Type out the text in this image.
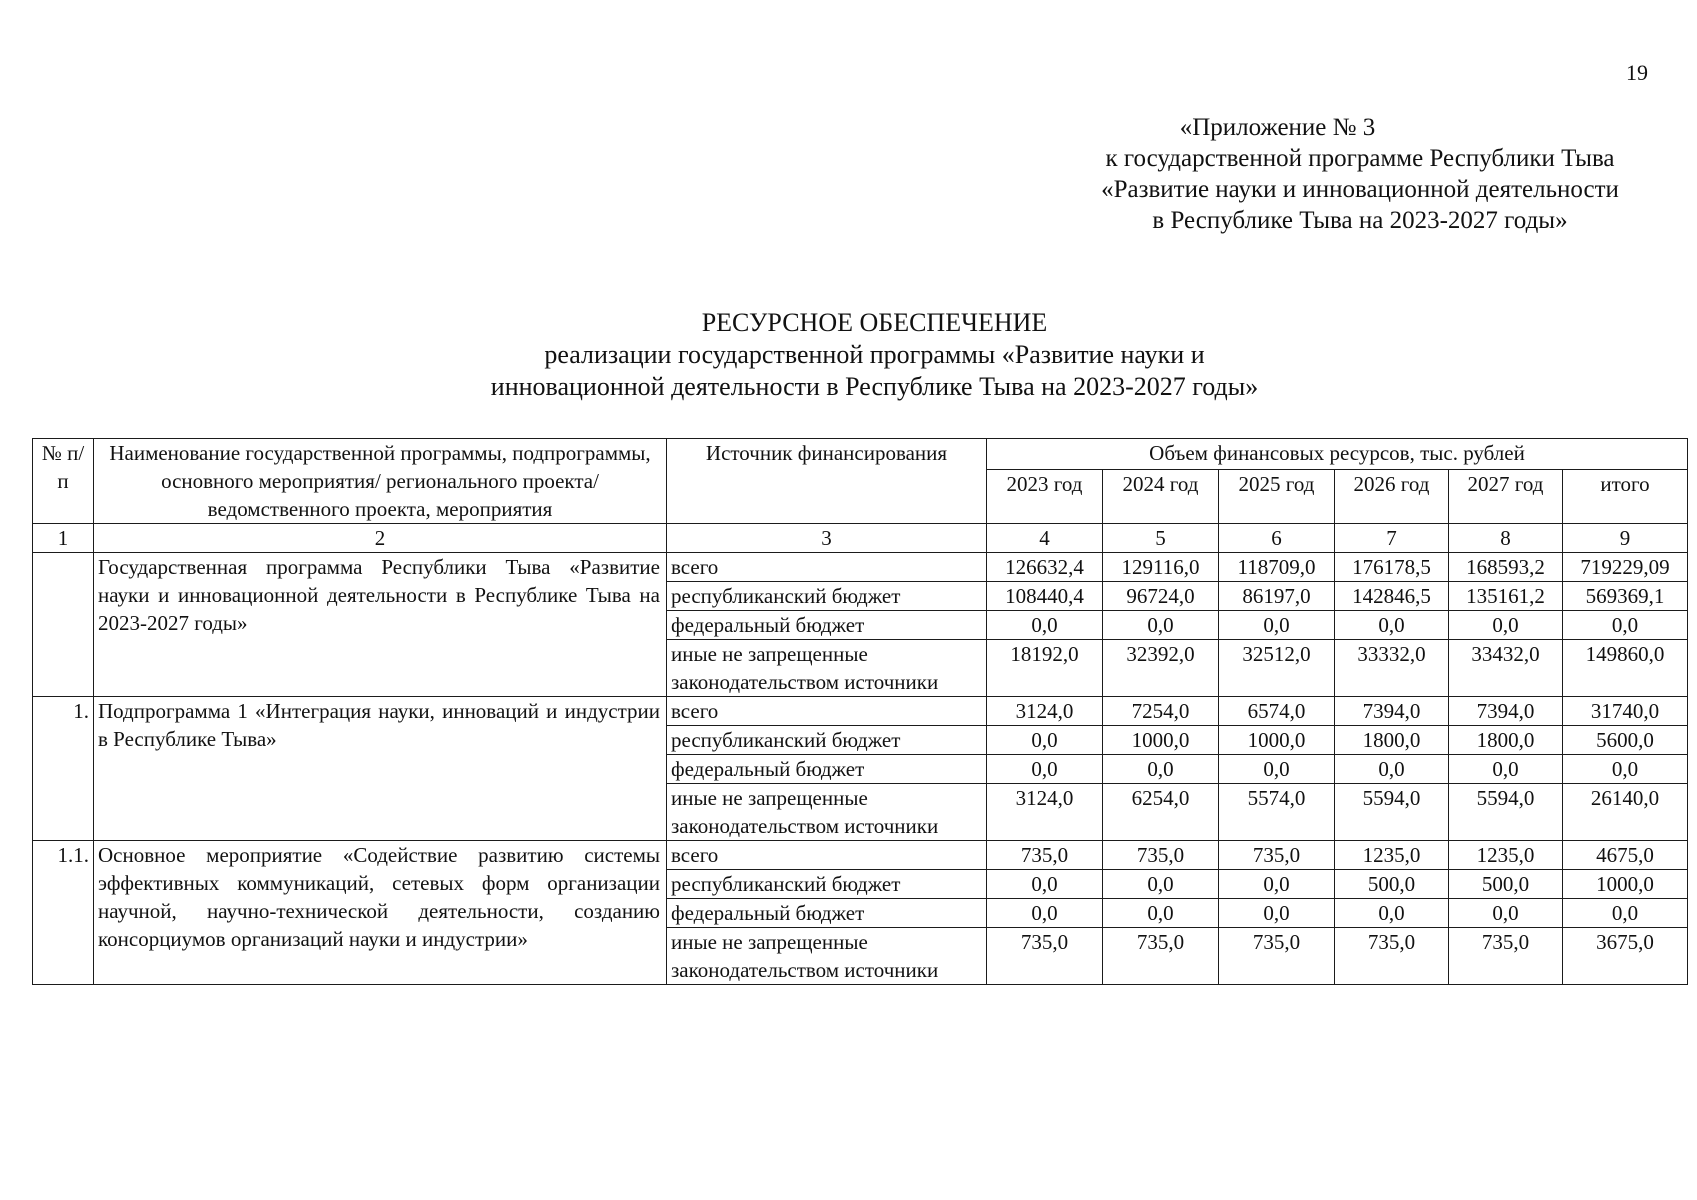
19
«Приложение № 3
к государственной программе Республики Тыва
«Развитие науки и инновационной деятельности
в Республике Тыва на 2023-2027 годы»
РЕСУРСНОЕ ОБЕСПЕЧЕНИЕ
реализации государственной программы «Развитие науки и
инновационной деятельности в Республике Тыва на 2023-2027 годы»
№ п/п	Наименование государственной программы, подпрограммы, основного мероприятия/ регионального проекта/ ведомственного проекта, мероприятия	Источник финансирования	Объем финансовых ресурсов, тыс. рублей					
			2023 год	2024 год	2025 год	2026 год	2027 год	итого
1	2	3	4	5	6	7	8	9
	Государственная программа Республики Тыва «Развитие науки и инновационной деятельности в Республике Тыва на 2023-2027 годы»	всего	126632,4	129116,0	118709,0	176178,5	168593,2	719229,09
		республиканский бюджет	108440,4	96724,0	86197,0	142846,5	135161,2	569369,1
		федеральный бюджет	0,0	0,0	0,0	0,0	0,0	0,0
		иные не запрещенные законодательством источники	18192,0	32392,0	32512,0	33332,0	33432,0	149860,0
1.	Подпрограмма 1 «Интеграция науки, инноваций и индустрии в Республике Тыва»	всего	3124,0	7254,0	6574,0	7394,0	7394,0	31740,0
		республиканский бюджет	0,0	1000,0	1000,0	1800,0	1800,0	5600,0
		федеральный бюджет	0,0	0,0	0,0	0,0	0,0	0,0
		иные не запрещенные законодательством источники	3124,0	6254,0	5574,0	5594,0	5594,0	26140,0
1.1.	Основное мероприятие «Содействие развитию системы эффективных коммуникаций, сетевых форм организации научной, научно-технической деятельности, созданию консорциумов организаций науки и индустрии»	всего	735,0	735,0	735,0	1235,0	1235,0	4675,0
		республиканский бюджет	0,0	0,0	0,0	500,0	500,0	1000,0
		федеральный бюджет	0,0	0,0	0,0	0,0	0,0	0,0
		иные не запрещенные законодательством источники	735,0	735,0	735,0	735,0	735,0	3675,0
